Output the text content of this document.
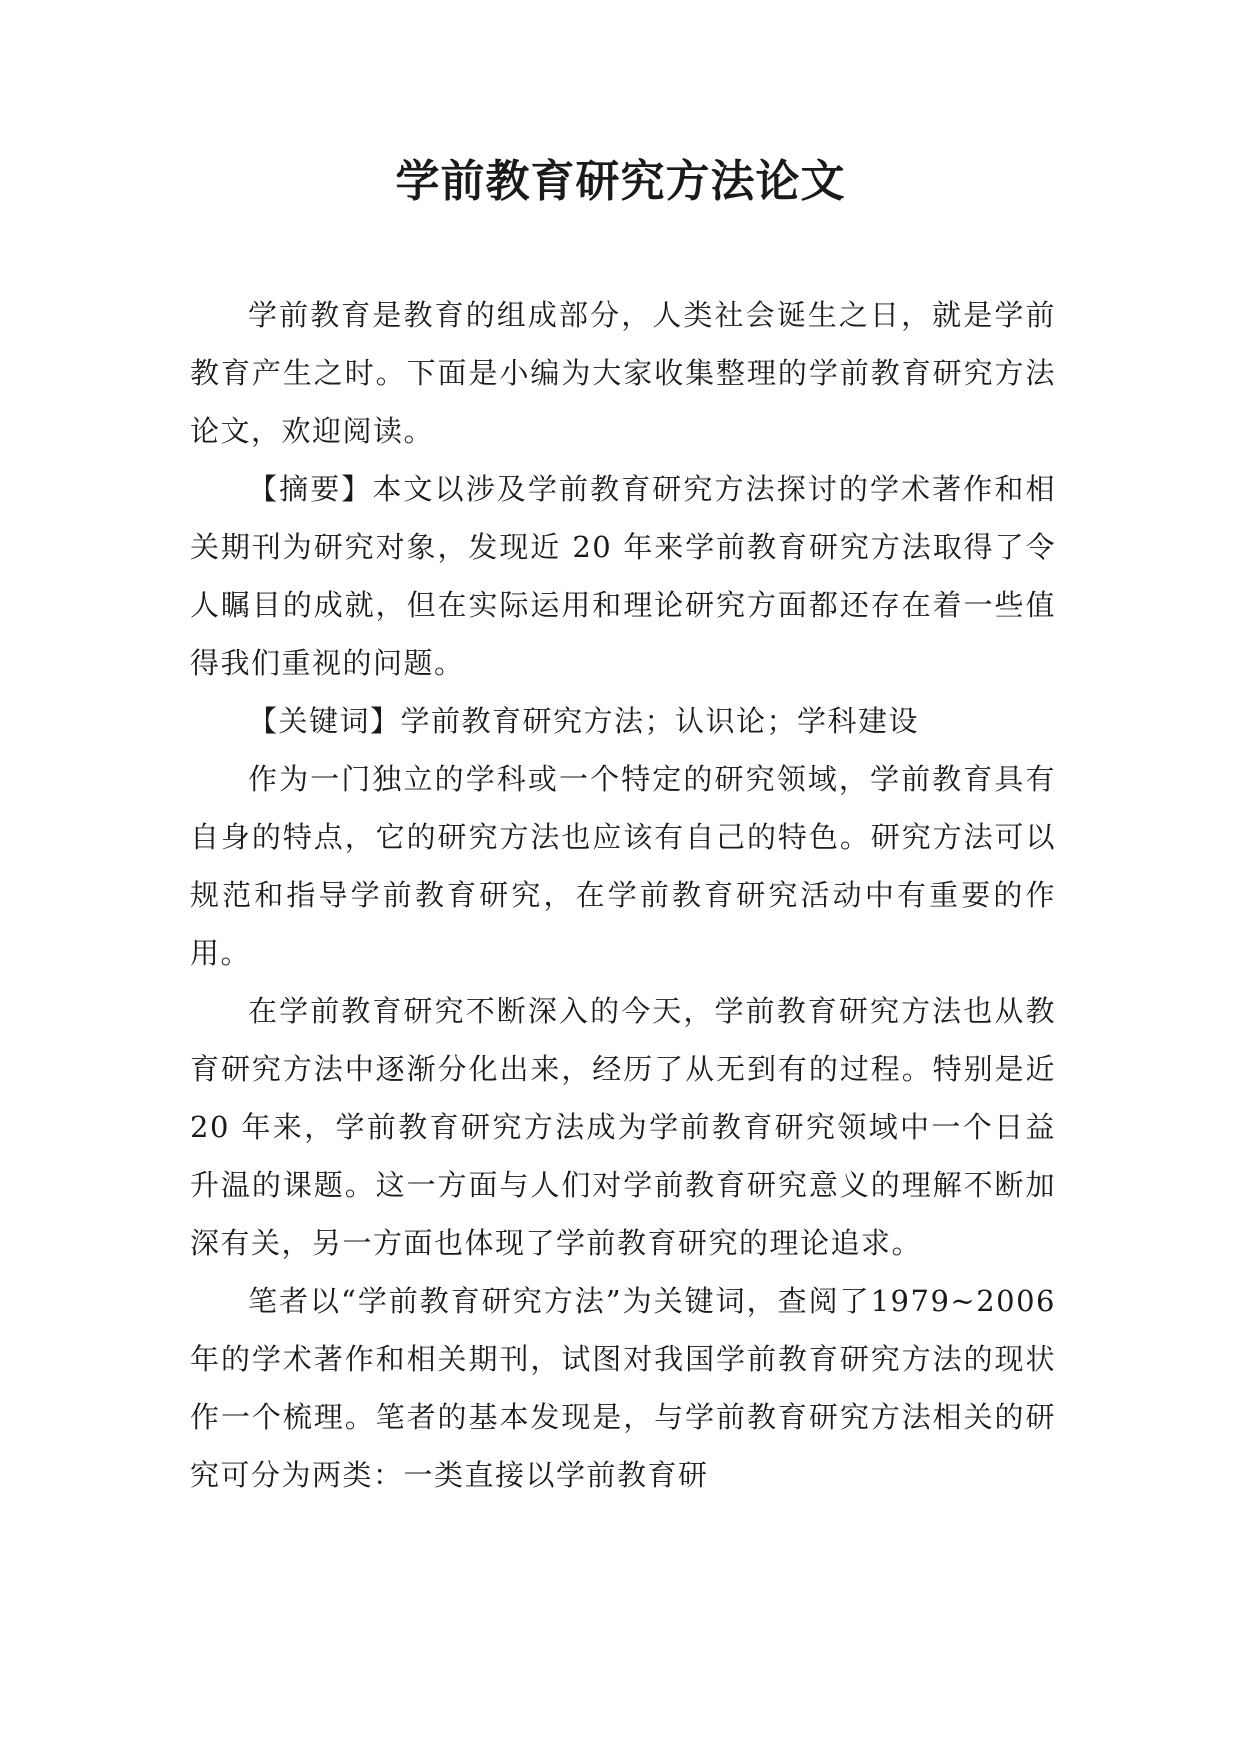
学前教育研究方法论文

学前教育是教育的组成部分，人类社会诞生之日，就是学前教育产生之时。下面是小编为大家收集整理的学前教育研究方法论文，欢迎阅读。

【摘要】本文以涉及学前教育研究方法探讨的学术著作和相关期刊为研究对象，发现近 20 年来学前教育研究方法取得了令人瞩目的成就，但在实际运用和理论研究方面都还存在着一些值得我们重视的问题。

【关键词】学前教育研究方法；认识论；学科建设

作为一门独立的学科或一个特定的研究领域，学前教育具有自身的特点，它的研究方法也应该有自己的特色。研究方法可以规范和指导学前教育研究，在学前教育研究活动中有重要的作用。

在学前教育研究不断深入的今天，学前教育研究方法也从教育研究方法中逐渐分化出来，经历了从无到有的过程。特别是近 20 年来，学前教育研究方法成为学前教育研究领域中一个日益升温的课题。这一方面与人们对学前教育研究意义的理解不断加深有关，另一方面也体现了学前教育研究的理论追求。

笔者以“学前教育研究方法”为关键词，查阅了1979~2006 年的学术著作和相关期刊，试图对我国学前教育研究方法的现状作一个梳理。笔者的基本发现是，与学前教育研究方法相关的研究可分为两类：一类直接以学前教育研
